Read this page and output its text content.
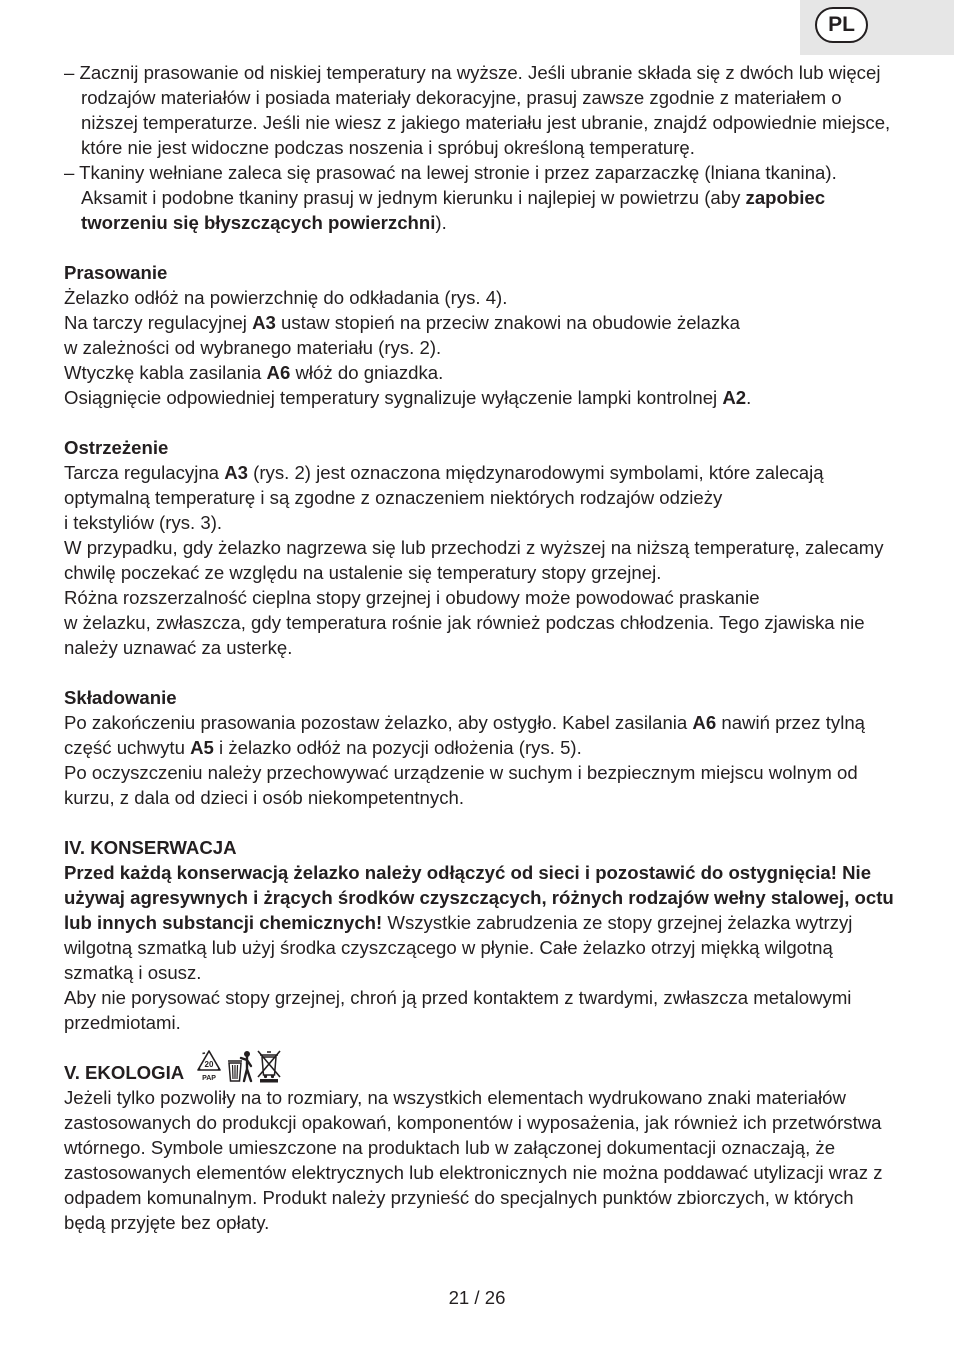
PL

– Zacznij prasowanie od niskiej temperatury na wyższe. Jeśli ubranie składa się z dwóch lub więcej rodzajów materiałów i posiada materiały dekoracyjne, prasuj zawsze zgodnie z materiałem o niższej temperaturze. Jeśli nie wiesz z jakiego materiału jest ubranie, znajdź odpowiednie miejsce, które nie jest widoczne podczas noszenia i spróbuj określoną temperaturę.

– Tkaniny wełniane zaleca się prasować na lewej stronie i przez zaparzaczkę (lniana tkanina). Aksamit i podobne tkaniny prasuj w jednym kierunku i najlepiej w powietrzu (aby zapobiec tworzeniu się błyszczących powierzchni).

Prasowanie

Żelazko odłóż na powierzchnię do odkładania (rys. 4).

Na tarczy regulacyjnej A3 ustaw stopień na przeciw znakowi na obudowie żelazka

w zależności od wybranego materiału (rys. 2).

Wtyczkę kabla zasilania A6 włóż do gniazdka.

Osiągnięcie odpowiedniej temperatury sygnalizuje wyłączenie lampki kontrolnej A2.

Ostrzeżenie

Tarcza regulacyjna A3 (rys. 2) jest oznaczona międzynarodowymi symbolami, które zalecają optymalną temperaturę i są zgodne z oznaczeniem niektórych rodzajów odzieży

i tekstyliów (rys. 3).

W przypadku, gdy żelazko nagrzewa się lub przechodzi z wyższej na niższą temperaturę, zalecamy chwilę poczekać ze względu na ustalenie się temperatury stopy grzejnej.

Różna rozszerzalność cieplna stopy grzejnej i obudowy może powodować praskanie

w żelazku, zwłaszcza, gdy temperatura rośnie jak również podczas chłodzenia. Tego zjawiska nie należy uznawać za usterkę.

Składowanie

Po zakończeniu prasowania pozostaw żelazko, aby ostygło. Kabel zasilania A6 nawiń przez tylną część uchwytu A5 i żelazko odłóż na pozycji odłożenia (rys. 5).

Po oczyszczeniu należy przechowywać urządzenie w suchym i bezpiecznym miejscu wolnym od kurzu, z dala od dzieci i osób niekompetentnych.

IV. KONSERWACJA

Przed każdą konserwacją żelazko należy odłączyć od sieci i pozostawić do ostygnięcia! Nie używaj agresywnych i żrących środków czyszczących, różnych rodzajów wełny stalowej, octu lub innych substancji chemicznych! Wszystkie zabrudzenia ze stopy grzejnej żelazka wytrzyj wilgotną szmatką lub użyj środka czyszczącego w płynie. Całe żelazko otrzyj miękką wilgotną szmatką i osusz.

Aby nie porysować stopy grzejnej, chroń ją przed kontaktem z twardymi, zwłaszcza metalowymi przedmiotami.

V. EKOLOGIA	20
PAP

Jeżeli tylko pozwoliły na to rozmiary, na wszystkich elementach wydrukowano znaki materiałów zastosowanych do produkcji opakowań, komponentów i wyposażenia, jak również ich przetwórstwa wtórnego. Symbole umieszczone na produktach lub w załączonej dokumentacji oznaczają, że zastosowanych elementów elektrycznych lub elektronicznych nie można poddawać utylizacji wraz z odpadem komunalnym. Produkt należy przynieść do specjalnych punktów zbiorczych, w których będą przyjęte bez opłaty.

21 / 26
